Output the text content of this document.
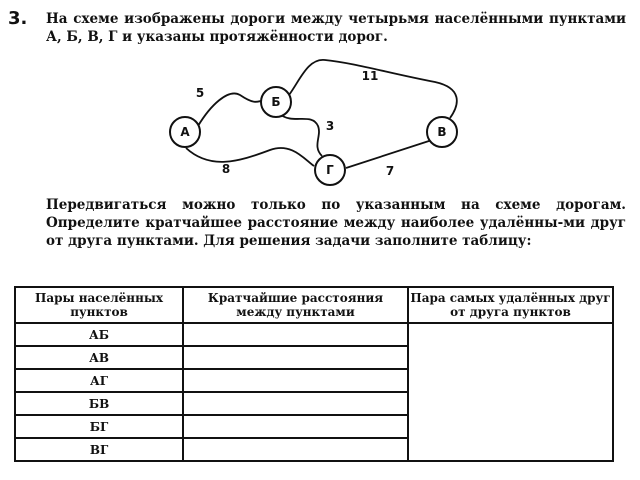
3. На схеме изображены дороги между четырьмя населёнными пунктами А, Б, В, Г и указаны протяжённости дорог.
А
Б
В
Г
5
11
3
8	7
Передвигаться можно только по указанным на схеме дорогам. Определите кратчайшее расстояние между наиболее удалённы-ми друг от друга пунктами. Для решения задачи заполните таблицу:
Пары населённых пунктов	Кратчайшие расстояния между пунктами	Пара самых удалённых друг от друга пунктов
АБ		
АВ		
АГ		
БВ		
БГ		
ВГ		
